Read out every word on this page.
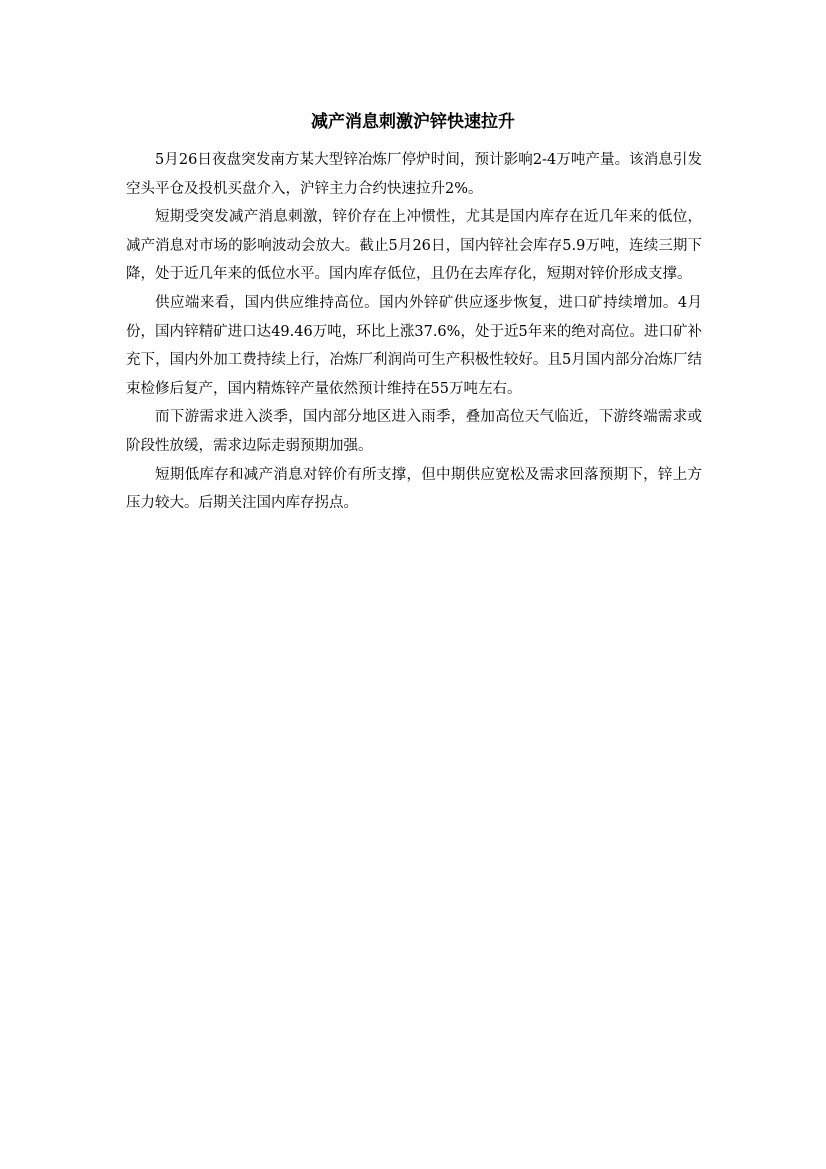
减产消息刺激沪锌快速拉升

5月26日夜盘突发南方某大型锌冶炼厂停炉时间，预计影响2-4万吨产量。该消息引发空头平仓及投机买盘介入，沪锌主力合约快速拉升2%。

短期受突发减产消息刺激，锌价存在上冲惯性，尤其是国内库存在近几年来的低位，减产消息对市场的影响波动会放大。截止5月26日，国内锌社会库存5.9万吨，连续三期下降，处于近几年来的低位水平。国内库存低位，且仍在去库存化，短期对锌价形成支撑。

供应端来看，国内供应维持高位。国内外锌矿供应逐步恢复，进口矿持续增加。4月份，国内锌精矿进口达49.46万吨，环比上涨37.6%，处于近5年来的绝对高位。进口矿补充下，国内外加工费持续上行，冶炼厂利润尚可生产积极性较好。且5月国内部分冶炼厂结束检修后复产，国内精炼锌产量依然预计维持在55万吨左右。

而下游需求进入淡季，国内部分地区进入雨季，叠加高位天气临近，下游终端需求或阶段性放缓，需求边际走弱预期加强。

短期低库存和减产消息对锌价有所支撑，但中期供应宽松及需求回落预期下，锌上方压力较大。后期关注国内库存拐点。
